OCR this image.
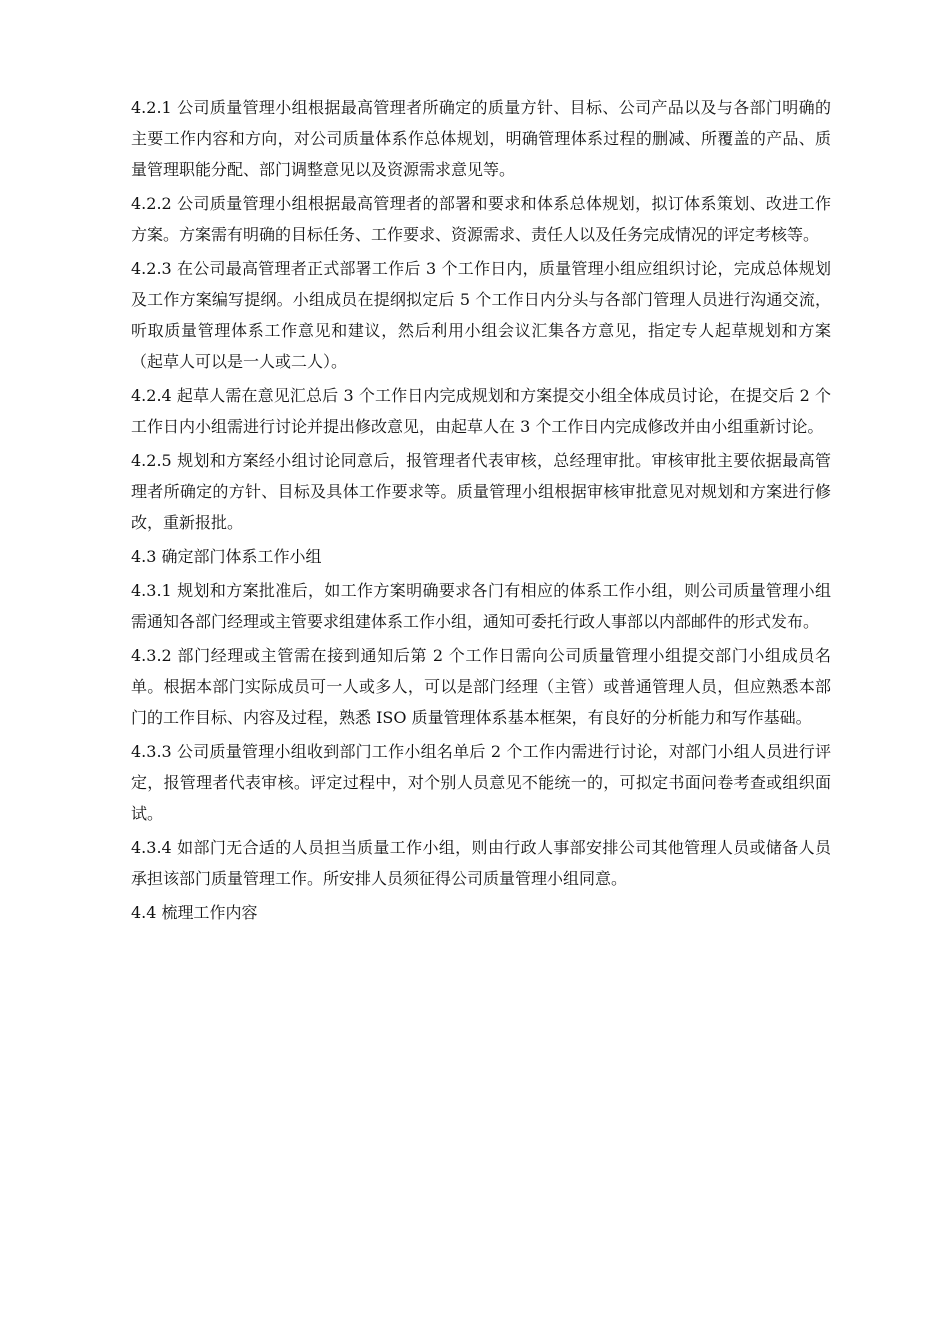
4.2.1 公司质量管理小组根据最高管理者所确定的质量方针、目标、公司产品以及与各部门明确的主要工作内容和方向，对公司质量体系作总体规划，明确管理体系过程的删减、所覆盖的产品、质量管理职能分配、部门调整意见以及资源需求意见等。

4.2.2 公司质量管理小组根据最高管理者的部署和要求和体系总体规划，拟订体系策划、改进工作方案。方案需有明确的目标任务、工作要求、资源需求、责任人以及任务完成情况的评定考核等。

4.2.3 在公司最高管理者正式部署工作后 3 个工作日内，质量管理小组应组织讨论，完成总体规划及工作方案编写提纲。小组成员在提纲拟定后 5 个工作日内分头与各部门管理人员进行沟通交流，听取质量管理体系工作意见和建议，然后利用小组会议汇集各方意见，指定专人起草规划和方案（起草人可以是一人或二人）。

4.2.4 起草人需在意见汇总后 3 个工作日内完成规划和方案提交小组全体成员讨论，在提交后 2 个工作日内小组需进行讨论并提出修改意见，由起草人在 3 个工作日内完成修改并由小组重新讨论。

4.2.5 规划和方案经小组讨论同意后，报管理者代表审核，总经理审批。审核审批主要依据最高管理者所确定的方针、目标及具体工作要求等。质量管理小组根据审核审批意见对规划和方案进行修改，重新报批。

4.3 确定部门体系工作小组

4.3.1 规划和方案批准后，如工作方案明确要求各门有相应的体系工作小组，则公司质量管理小组需通知各部门经理或主管要求组建体系工作小组，通知可委托行政人事部以内部邮件的形式发布。

4.3.2 部门经理或主管需在接到通知后第 2 个工作日需向公司质量管理小组提交部门小组成员名单。根据本部门实际成员可一人或多人，可以是部门经理（主管）或普通管理人员，但应熟悉本部门的工作目标、内容及过程，熟悉 ISO 质量管理体系基本框架，有良好的分析能力和写作基础。

4.3.3 公司质量管理小组收到部门工作小组名单后 2 个工作内需进行讨论，对部门小组人员进行评定，报管理者代表审核。评定过程中，对个别人员意见不能统一的，可拟定书面问卷考查或组织面试。

4.3.4 如部门无合适的人员担当质量工作小组，则由行政人事部安排公司其他管理人员或储备人员承担该部门质量管理工作。所安排人员须征得公司质量管理小组同意。

4.4 梳理工作内容
